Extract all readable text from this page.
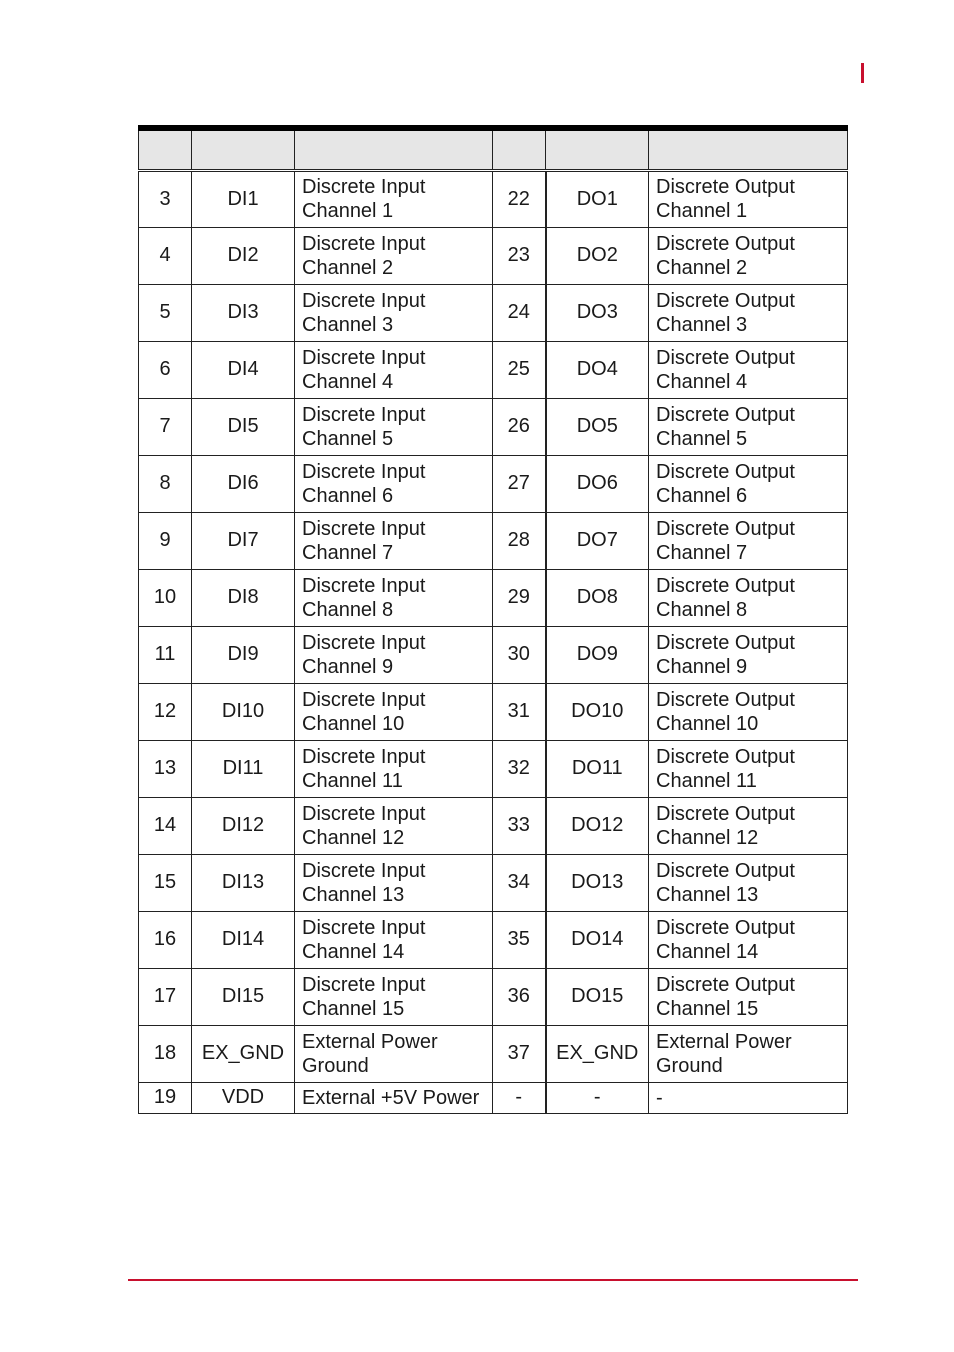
3	DI1	Discrete Input Channel 1	22	DO1	Discrete Output Channel 1
4	DI2	Discrete Input Channel 2	23	DO2	Discrete Output Channel 2
5	DI3	Discrete Input Channel 3	24	DO3	Discrete Output Channel 3
6	DI4	Discrete Input Channel 4	25	DO4	Discrete Output Channel 4
7	DI5	Discrete Input Channel 5	26	DO5	Discrete Output Channel 5
8	DI6	Discrete Input Channel 6	27	DO6	Discrete Output Channel 6
9	DI7	Discrete Input Channel 7	28	DO7	Discrete Output Channel 7
10	DI8	Discrete Input Channel 8	29	DO8	Discrete Output Channel 8
11	DI9	Discrete Input Channel 9	30	DO9	Discrete Output Channel 9
12	DI10	Discrete Input Channel 10	31	DO10	Discrete Output Channel 10
13	DI11	Discrete Input Channel 11	32	DO11	Discrete Output Channel 11
14	DI12	Discrete Input Channel 12	33	DO12	Discrete Output Channel 12
15	DI13	Discrete Input Channel 13	34	DO13	Discrete Output Channel 13
16	DI14	Discrete Input Channel 14	35	DO14	Discrete Output Channel 14
17	DI15	Discrete Input Channel 15	36	DO15	Discrete Output Channel 15
18	EX_GND	External Power Ground	37	EX_GND	External Power Ground
19	VDD	External +5V Power	-	-	-
